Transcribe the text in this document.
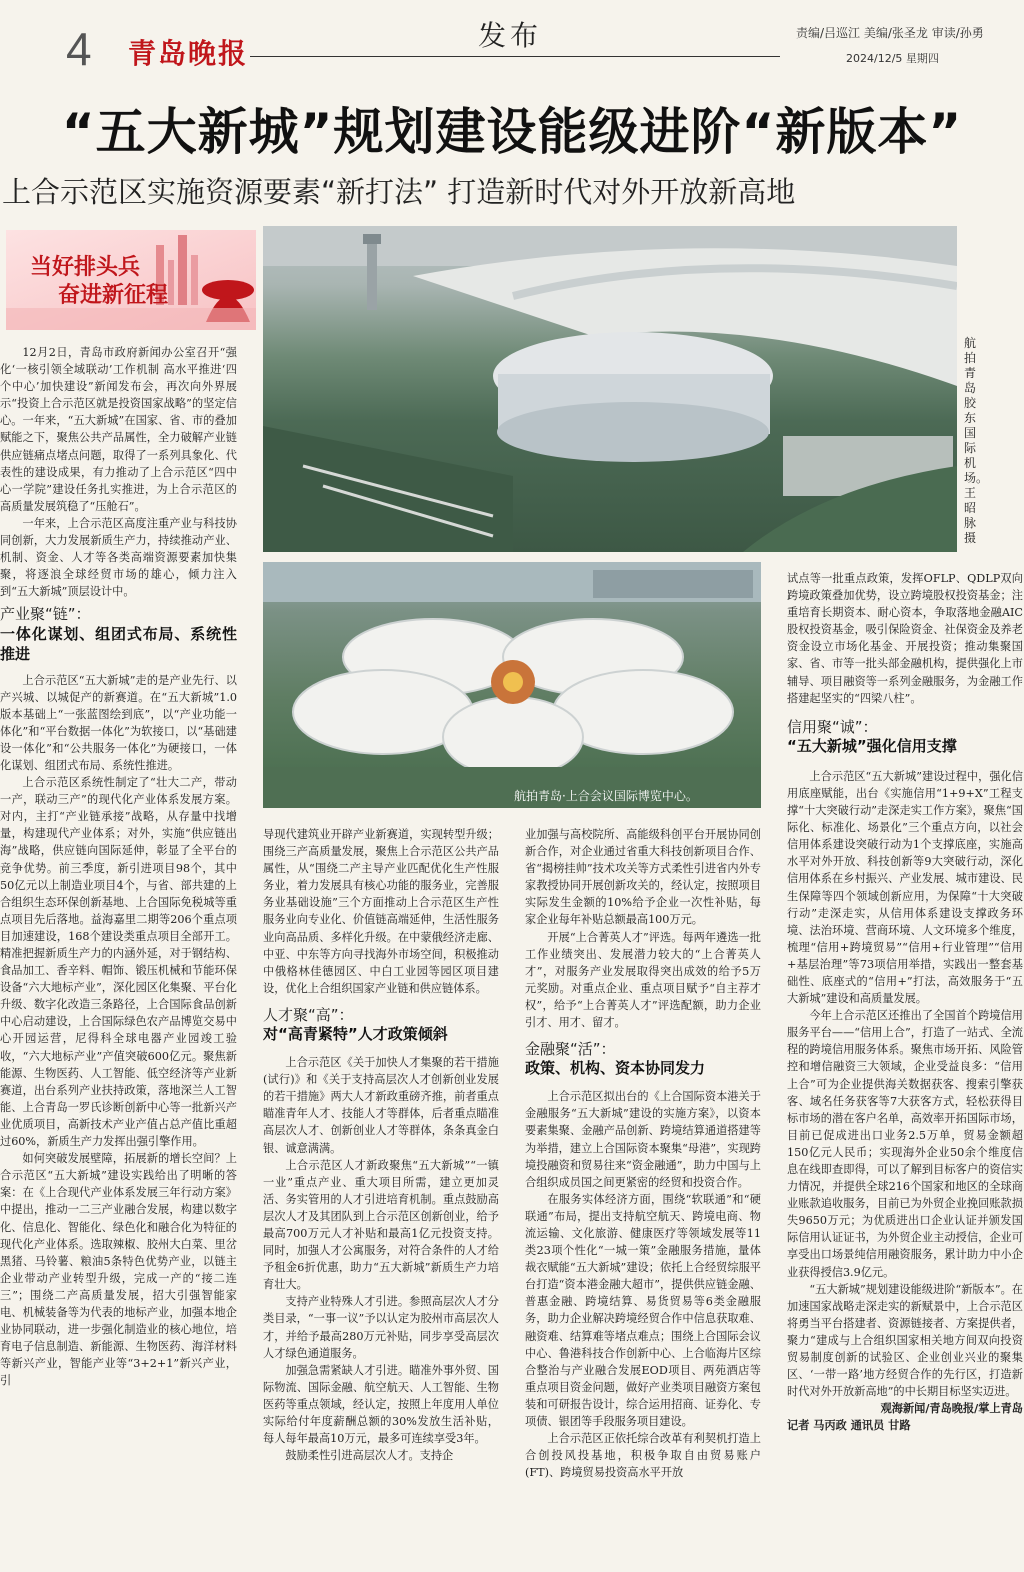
4 青岛晚报
发布	责编/吕巡江 美编/张圣龙 审读/孙勇
2024/12/5 星期四
“五大新城”规划建设能级进阶“新版本”
上合示范区实施资源要素“新打法” 打造新时代对外开放新高地
当好排头兵
奋进新征程
航拍青岛胶东国际机场。王昭脉 摄
航拍青岛·上合会议国际博览中心。

12月2日，青岛市政府新闻办公室召开“强化‘一核引领全域联动’工作机制 高水平推进‘四个中心’加快建设”新闻发布会，再次向外界展示“投资上合示范区就是投资国家战略”的坚定信心。一年来，“五大新城”在国家、省、市的叠加赋能之下，聚焦公共产品属性，全力破解产业链供应链痛点堵点问题，取得了一系列具象化、代表性的建设成果，有力推动了上合示范区“四中心一学院”建设任务扎实推进，为上合示范区的高质量发展筑稳了“压舱石”。

一年来，上合示范区高度注重产业与科技协同创新，大力发展新质生产力，持续推动产业、机制、资金、人才等各类高端资源要素加快集聚，将逐浪全球经贸市场的雄心，倾力注入到“五大新城”顶层设计中。

产业聚“链”：
一体化谋划、组团式布局、系统性推进

上合示范区“五大新城”走的是产业先行、以产兴城、以城促产的新赛道。在“五大新城”1.0版本基础上“一张蓝图绘到底”，以“产业功能一体化”和“平台数据一体化”为软接口，以“基础建设一体化”和“公共服务一体化”为硬接口，一体化谋划、组团式布局、系统性推进。

上合示范区系统性制定了“壮大二产，带动一产，联动三产”的现代化产业体系发展方案。对内，主打“产业链承接”战略，从存量中找增量，构建现代产业体系；对外，实施“供应链出海”战略，供应链向国际延伸，彰显了全平台的竞争优势。前三季度，新引进项目98个，其中50亿元以上制造业项目4个，与省、部共建的上合组织生态环保创新基地、上合国际免税城等重点项目先后落地。益海嘉里二期等206个重点项目加速建设，168个建设类重点项目全部开工。精准把握新质生产力的内涵外延，对于钢结构、食品加工、香辛料、帽饰、锻压机械和节能环保设备“六大地标产业”，深化园区化集聚、平台化升级、数字化改造三条路径，上合国际食品创新中心启动建设，上合国际绿色农产品博览交易中心开园运营，尼得科全球电器产业园竣工验收，“六大地标产业”产值突破600亿元。聚焦新能源、生物医药、人工智能、低空经济等产业新赛道，出台系列产业扶持政策，落地深兰人工智能、上合青岛一罗氏诊断创新中心等一批新兴产业优质项目，高新技术产业产值占总产值比重超过60%，新质生产力发挥出强引擎作用。

如何突破发展壁障，拓展新的增长空间？上合示范区“五大新城”建设实践给出了明晰的答案：在《上合现代产业体系发展三年行动方案》中提出，推动一二三产业融合发展，构建以数字化、信息化、智能化、绿色化和融合化为特征的现代化产业体系。选取辣椒、胶州大白菜、里岔黑猪、马铃薯、粮油5条特色优势产业，以链主企业带动产业转型升级，完成一产的“接二连三”；围绕二产高质量发展，招大引强智能家电、机械装备等为代表的地标产业，加强本地企业协同联动，进一步强化制造业的核心地位，培育电子信息制造、新能源、生物医药、海洋材料等新兴产业，智能产业等“3+2+1”新兴产业，引

导现代建筑业开辟产业新赛道，实现转型升级；围绕三产高质量发展，聚焦上合示范区公共产品属性，从“围绕二产主导产业匹配优化生产性服务业，着力发展具有核心功能的服务业，完善服务业基础设施”三个方面推动上合示范区生产性服务业向专业化、价值链高端延伸，生活性服务业向高品质、多样化升级。在中蒙俄经济走廊、中亚、中东等方向寻找海外市场空间，积极推动中俄格林佳德园区、中白工业园等园区项目建设，优化上合组织国家产业链和供应链体系。

人才聚“高”：
对“高青紧特”人才政策倾斜

上合示范区《关于加快人才集聚的若干措施(试行)》和《关于支持高层次人才创新创业发展的若干措施》两大人才新政重磅齐推，前者重点瞄准青年人才、技能人才等群体，后者重点瞄准高层次人才、创新创业人才等群体，条条真金白银、诚意满满。

上合示范区人才新政聚焦“五大新城”“一镇一业”重点产业、重大项目所需，建立更加灵活、务实管用的人才引进培育机制。重点鼓励高层次人才及其团队到上合示范区创新创业，给予最高700万元人才补贴和最高1亿元投资支持。同时，加强人才公寓服务，对符合条件的人才给予租金6折优惠，助力“五大新城”新质生产力培育壮大。

支持产业特殊人才引进。参照高层次人才分类目录，“一事一议”予以认定为胶州市高层次人才，并给予最高280万元补贴，同步享受高层次人才绿色通道服务。

加强急需紧缺人才引进。瞄准外事外贸、国际物流、国际金融、航空航天、人工智能、生物医药等重点领域，经认定，按照上年度用人单位实际给付年度薪酬总额的30%发放生活补贴，每人每年最高10万元，最多可连续享受3年。

鼓励柔性引进高层次人才。支持企

业加强与高校院所、高能级科创平台开展协同创新合作，对企业通过省重大科技创新项目合作、省“揭榜挂帅”技术攻关等方式柔性引进省内外专家教授协同开展创新攻关的，经认定，按照项目实际发生金额的10%给予企业一次性补贴，每家企业每年补贴总额最高100万元。

开展“上合菁英人才”评选。每两年遴选一批工作业绩突出、发展潜力较大的“上合菁英人才”，对服务产业发展取得突出成效的给予5万元奖励。对重点企业、重点项目赋予“自主荐才权”，给予“上合菁英人才”评选配额，助力企业引才、用才、留才。

金融聚“活”：
政策、机构、资本协同发力

上合示范区拟出台的《上合国际资本港关于金融服务“五大新城”建设的实施方案》，以资本要素集聚、金融产品创新、跨境结算通道搭建等为举措，建立上合国际资本聚集“母港”，实现跨境投融资和贸易往来“资金融通”，助力中国与上合组织成员国之间更紧密的经贸和投资合作。

在服务实体经济方面，围绕“软联通”和“硬联通”布局，提出支持航空航天、跨境电商、物流运输、文化旅游、健康医疗等领域发展等11类23项个性化“一城一策”金融服务措施，量体裁衣赋能“五大新城”建设；依托上合经贸综服平台打造“资本港金融大超市”，提供供应链金融、普惠金融、跨境结算、易货贸易等6类金融服务，助力企业解决跨境经贸合作中信息获取难、融资难、结算难等堵点难点；围绕上合国际会议中心、鲁港科技合作创新中心、上合临海片区综合整治与产业融合发展EOD项目、两苑酒店等重点项目资金问题，做好产业类项目融资方案包装和可研报告设计，综合运用招商、证券化、专项债、银团等手段服务项目建设。

上合示范区正依托综合改革有利契机打造上合创投风投基地，积极争取自由贸易账户(FT)、跨境贸易投资高水平开放

试点等一批重点政策，发挥OFLP、QDLP双向跨境政策叠加优势，设立跨境股权投资基金；注重培育长期资本、耐心资本，争取落地金融AIC股权投资基金，吸引保险资金、社保资金及养老资金设立市场化基金、开展投资；推动集聚国家、省、市等一批头部金融机构，提供强化上市辅导、项目融资等一系列金融服务，为金融工作搭建起坚实的“四梁八柱”。

信用聚“诚”：
“五大新城”强化信用支撑

上合示范区“五大新城”建设过程中，强化信用底座赋能，出台《实施信用“1+9+X”工程支撑“十大突破行动”走深走实工作方案》，聚焦“国际化、标准化、场景化”三个重点方向，以社会信用体系建设突破行动为1个支撑底座，实施高水平对外开放、科技创新等9大突破行动，深化信用体系在乡村振兴、产业发展、城市建设、民生保障等四个领域创新应用，为保障“十大突破行动”走深走实，从信用体系建设支撑政务环境、法治环境、营商环境、人文环境多个维度，梳理“信用+跨境贸易”“信用+行业管理”“信用+基层治理”等73项信用举措，实践出一整套基础性、底座式的“信用+”打法，高效服务于“五大新城”建设和高质量发展。

今年上合示范区还推出了全国首个跨境信用服务平台——“信用上合”，打造了一站式、全流程的跨境信用服务体系。聚焦市场开拓、风险管控和增信融资三大领域，企业受益良多：“信用上合”可为企业提供海关数据获客、搜索引擎获客、域名任务获客等7大获客方式，轻松获得目标市场的潜在客户名单，高效率开拓国际市场，目前已促成进出口业务2.5万单，贸易金额超150亿元人民币；实现海外企业50余个维度信息在线即查即得，可以了解到目标客户的资信实力情况，并提供全球216个国家和地区的全球商业账款追收服务，目前已为外贸企业挽回账款损失9650万元；为优质进出口企业认证并颁发国际信用认证证书，为外贸企业主动授信，企业可享受出口场景纯信用融资服务，累计助力中小企业获得授信3.9亿元。

“五大新城”规划建设能级进阶“新版本”。在加速国家战略走深走实的新赋景中，上合示范区将勇当平台搭建者、资源链接者、方案提供者，聚力“建成与上合组织国家相关地方间双向投资贸易制度创新的试验区、企业创业兴业的聚集区、‘一带一路’地方经贸合作的先行区，打造新时代对外开放新高地”的中长期目标坚实迈进。

观海新闻/青岛晚报/掌上青岛
记者 马丙政 通讯员 甘路
